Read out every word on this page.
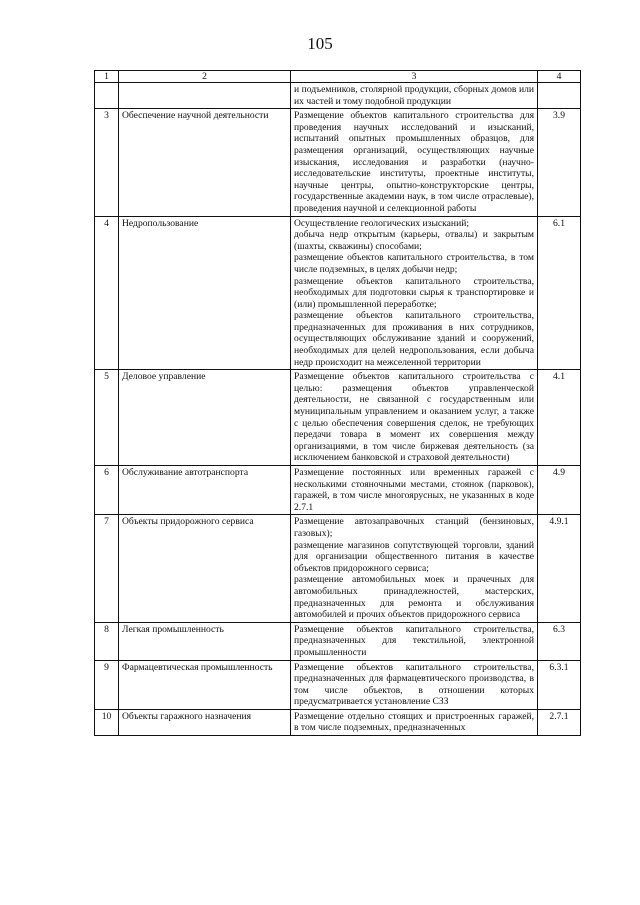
105
1	2	3	4
		и подъемников, столярной продукции, сборных домов или их частей и тому подобной продукции	
3	Обеспечение научной деятельности	Размещение объектов капитального строительства для проведения научных исследований и изысканий, испытаний опытных промышленных образцов, для размещения организаций, осуществляющих научные изыскания, исследования и разработки (научно-исследовательские институты, проектные институты, научные центры, опытно-конструкторские центры, государственные академии наук, в том числе отраслевые), проведения научной и селекционной работы	3.9
4	Недропользование	Осуществление геологических изысканий;
добыча недр открытым (карьеры, отвалы) и закрытым (шахты, скважины) способами;
размещение объектов капитального строительства, в том числе подземных, в целях добычи недр;
размещение объектов капитального строительства, необходимых для подготовки сырья к транспортировке и (или) промышленной переработке;
размещение объектов капитального строительства, предназначенных для проживания в них сотрудников, осуществляющих обслуживание зданий и сооружений, необходимых для целей недропользования, если добыча недр происходит на межселенной территории	6.1
5	Деловое управление	Размещение объектов капитального строительства с целью: размещения объектов управленческой деятельности, не связанной с государственным или муниципальным управлением и оказанием услуг, а также с целью обеспечения совершения сделок, не требующих передачи товара в момент их совершения между организациями, в том числе биржевая деятельность (за исключением банковской и страховой деятельности)	4.1
6	Обслуживание автотранспорта	Размещение постоянных или временных гаражей с несколькими стояночными местами, стоянок (парковок), гаражей, в том числе многоярусных, не указанных в коде 2.7.1	4.9
7	Объекты придорожного сервиса	Размещение автозаправочных станций (бензиновых, газовых);
размещение магазинов сопутствующей торговли, зданий для организации общественного питания в качестве объектов придорожного сервиса;
размещение автомобильных моек и прачечных для автомобильных принадлежностей, мастерских, предназначенных для ремонта и обслуживания автомобилей и прочих объектов придорожного сервиса	4.9.1
8	Легкая промышленность	Размещение объектов капитального строительства, предназначенных для текстильной, электронной промышленности	6.3
9	Фармацевтическая промышленность	Размещение объектов капитального строительства, предназначенных для фармацевтического производства, в том числе объектов, в отношении которых предусматривается установление СЗЗ	6.3.1
10	Объекты гаражного назначения	Размещение отдельно стоящих и пристроенных гаражей, в том числе подземных, предназначенных	2.7.1
